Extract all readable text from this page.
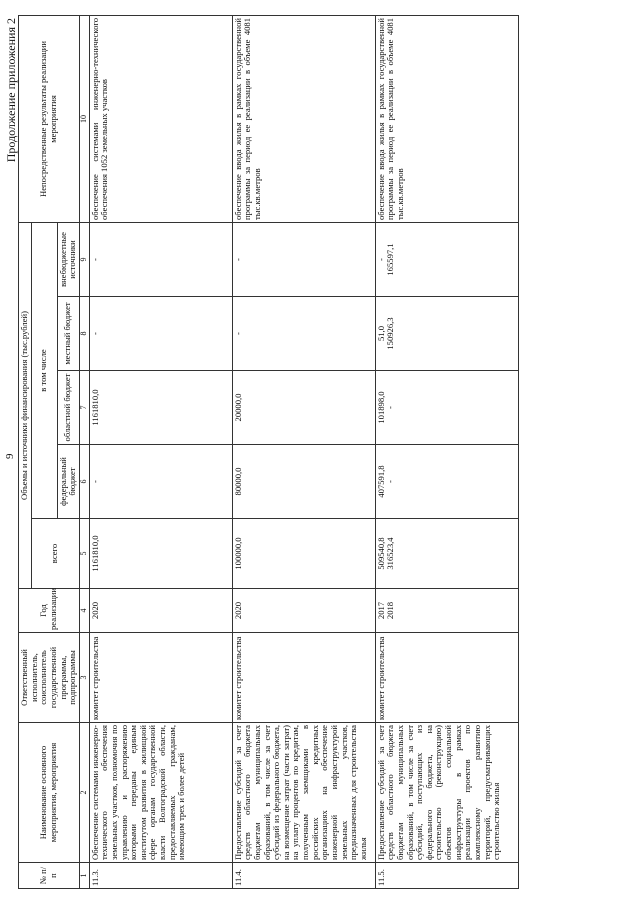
9
Продолжение приложения 2
№ п/п	Наименование основного мероприятия, мероприятия	Ответственный исполнитель, соисполнитель государственной программы, подпрограммы	Год реализации	Объемы и источники финансирования (тыс.рублей)					Непосредственные результаты реализации мероприятия
				всего	в том числе				
					федеральный бюджет	областной бюджет	местный бюджет	внебюджетные источники	
1	2	3	4	5	6	7	8	9	10
11.3.	Обеспечение системами инженерно-технического обеспечения земельных участков, полномочия по управлению и распоряжению которыми переданы единым институтом развития в жилищной сфере органам государственной власти Волгоградской области, предоставляемых гражданам, имеющим трех и более детей	комитет строительства	2020	1161810,0	-	1161810,0	-	-	обеспечение системами инженерно-технического обеспечения 1052 земельных участков
11.4.	Предоставление субсидий за счет средств областного бюджета бюджетам муниципальных образований, в том числе за счет субсидий из федерального бюджета, на возмещение затрат (части затрат) на уплату процентов по кредитам, полученным заемщиками в российских кредитных организациях на обеспечение инженерной инфраструктурой земельных участков, предназначенных для строительства жилья	комитет строительства	2020	100000,0	80000,0	20000,0	-	-	обеспечение ввода жилья в рамках государственной программы за период ее реализации в объеме 4081 тыс.кв.метров
11.5.	Предоставление субсидий за счет средств областного бюджета бюджетам муниципальных образований, в том числе за счет субсидий, поступающих из федерального бюджета, на строительство (реконструкцию) объектов социальной инфраструктуры в рамках реализации проектов по комплексному развитию территорий, предусматривающих строительство жилья	комитет строительства	2017 2018	509540,8 316523,4	407591,8 -	101898,0 -	51,0 150926,3	- 165597,1	обеспечение ввода жилья в рамках государственной программы за период ее реализации в объеме 4081 тыс.кв.метров
